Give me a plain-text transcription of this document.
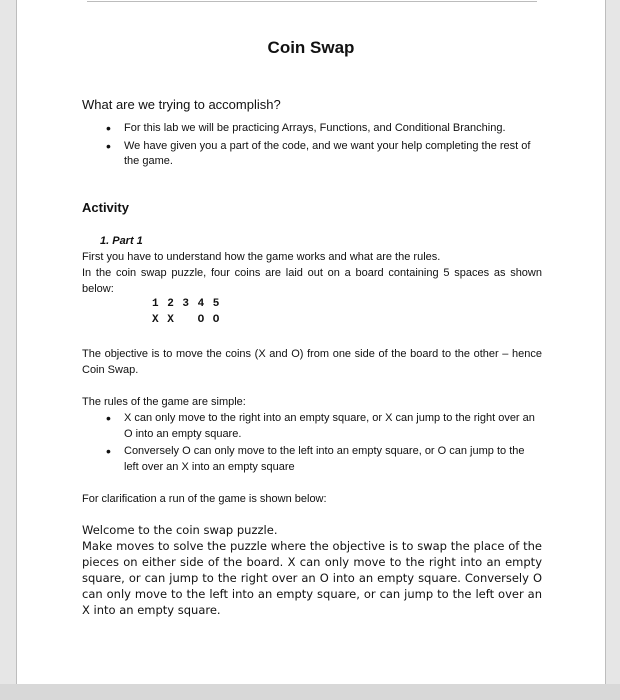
Coin Swap
What are we trying to accomplish?
• For this lab we will be practicing Arrays, Functions, and Conditional Branching.
• We have given you a part of the code, and we want your help completing the rest of the game.
Activity
1. Part 1
First you have to understand how the game works and what are the rules.
In the coin swap puzzle, four coins are laid out on a board containing 5 spaces as shown below:
1 2 3 4 5
X X   O O
The objective is to move the coins (X and O) from one side of the board to the other – hence Coin Swap.
The rules of the game are simple:
• X can only move to the right into an empty square, or X can jump to the right over an O into an empty square.
• Conversely O can only move to the left into an empty square, or O can jump to the left over an X into an empty square
For clarification a run of the game is shown below:
Welcome to the coin swap puzzle.
Make moves to solve the puzzle where the objective is to swap the place of the pieces on either side of the board. X can only move to the right into an empty square, or can jump to the right over an O into an empty square. Conversely O can only move to the left into an empty square, or can jump to the left over an X into an empty square.
